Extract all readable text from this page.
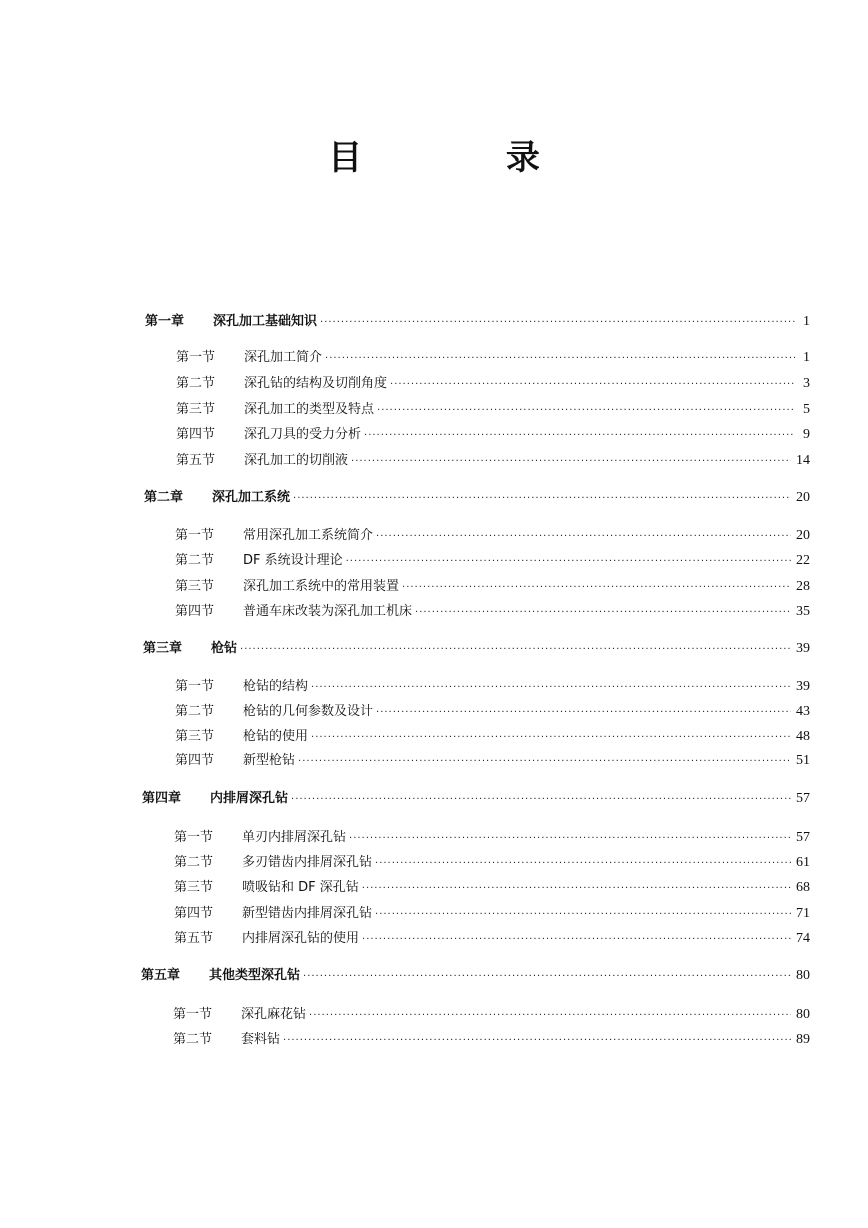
目 录
第一章	深孔加工基础知识 ·····	1
第一节	深孔加工简介 ·····	1
第二节	深孔钻的结构及切削角度 ·····	3
第三节	深孔加工的类型及特点 ·····	5
第四节	深孔刀具的受力分析 ·····	9
第五节	深孔加工的切削液 ·····	14
第二章	深孔加工系统 ·····	20
第一节	常用深孔加工系统简介 ·····	20
第二节	DF 系统设计理论 ·····	22
第三节	深孔加工系统中的常用装置 ·····	28
第四节	普通车床改装为深孔加工机床 ·····	35
第三章	枪钻 ·····	39
第一节	枪钻的结构 ·····	39
第二节	枪钻的几何参数及设计 ·····	43
第三节	枪钻的使用 ·····	48
第四节	新型枪钻 ·····	51
第四章	内排屑深孔钻 ·····	57
第一节	单刃内排屑深孔钻 ·····	57
第二节	多刃错齿内排屑深孔钻 ·····	61
第三节	喷吸钻和 DF 深孔钻 ·····	68
第四节	新型错齿内排屑深孔钻 ·····	71
第五节	内排屑深孔钻的使用 ·····	74
第五章	其他类型深孔钻 ·····	80
第一节	深孔麻花钻 ·····	80
第二节	套料钻 ·····	89
